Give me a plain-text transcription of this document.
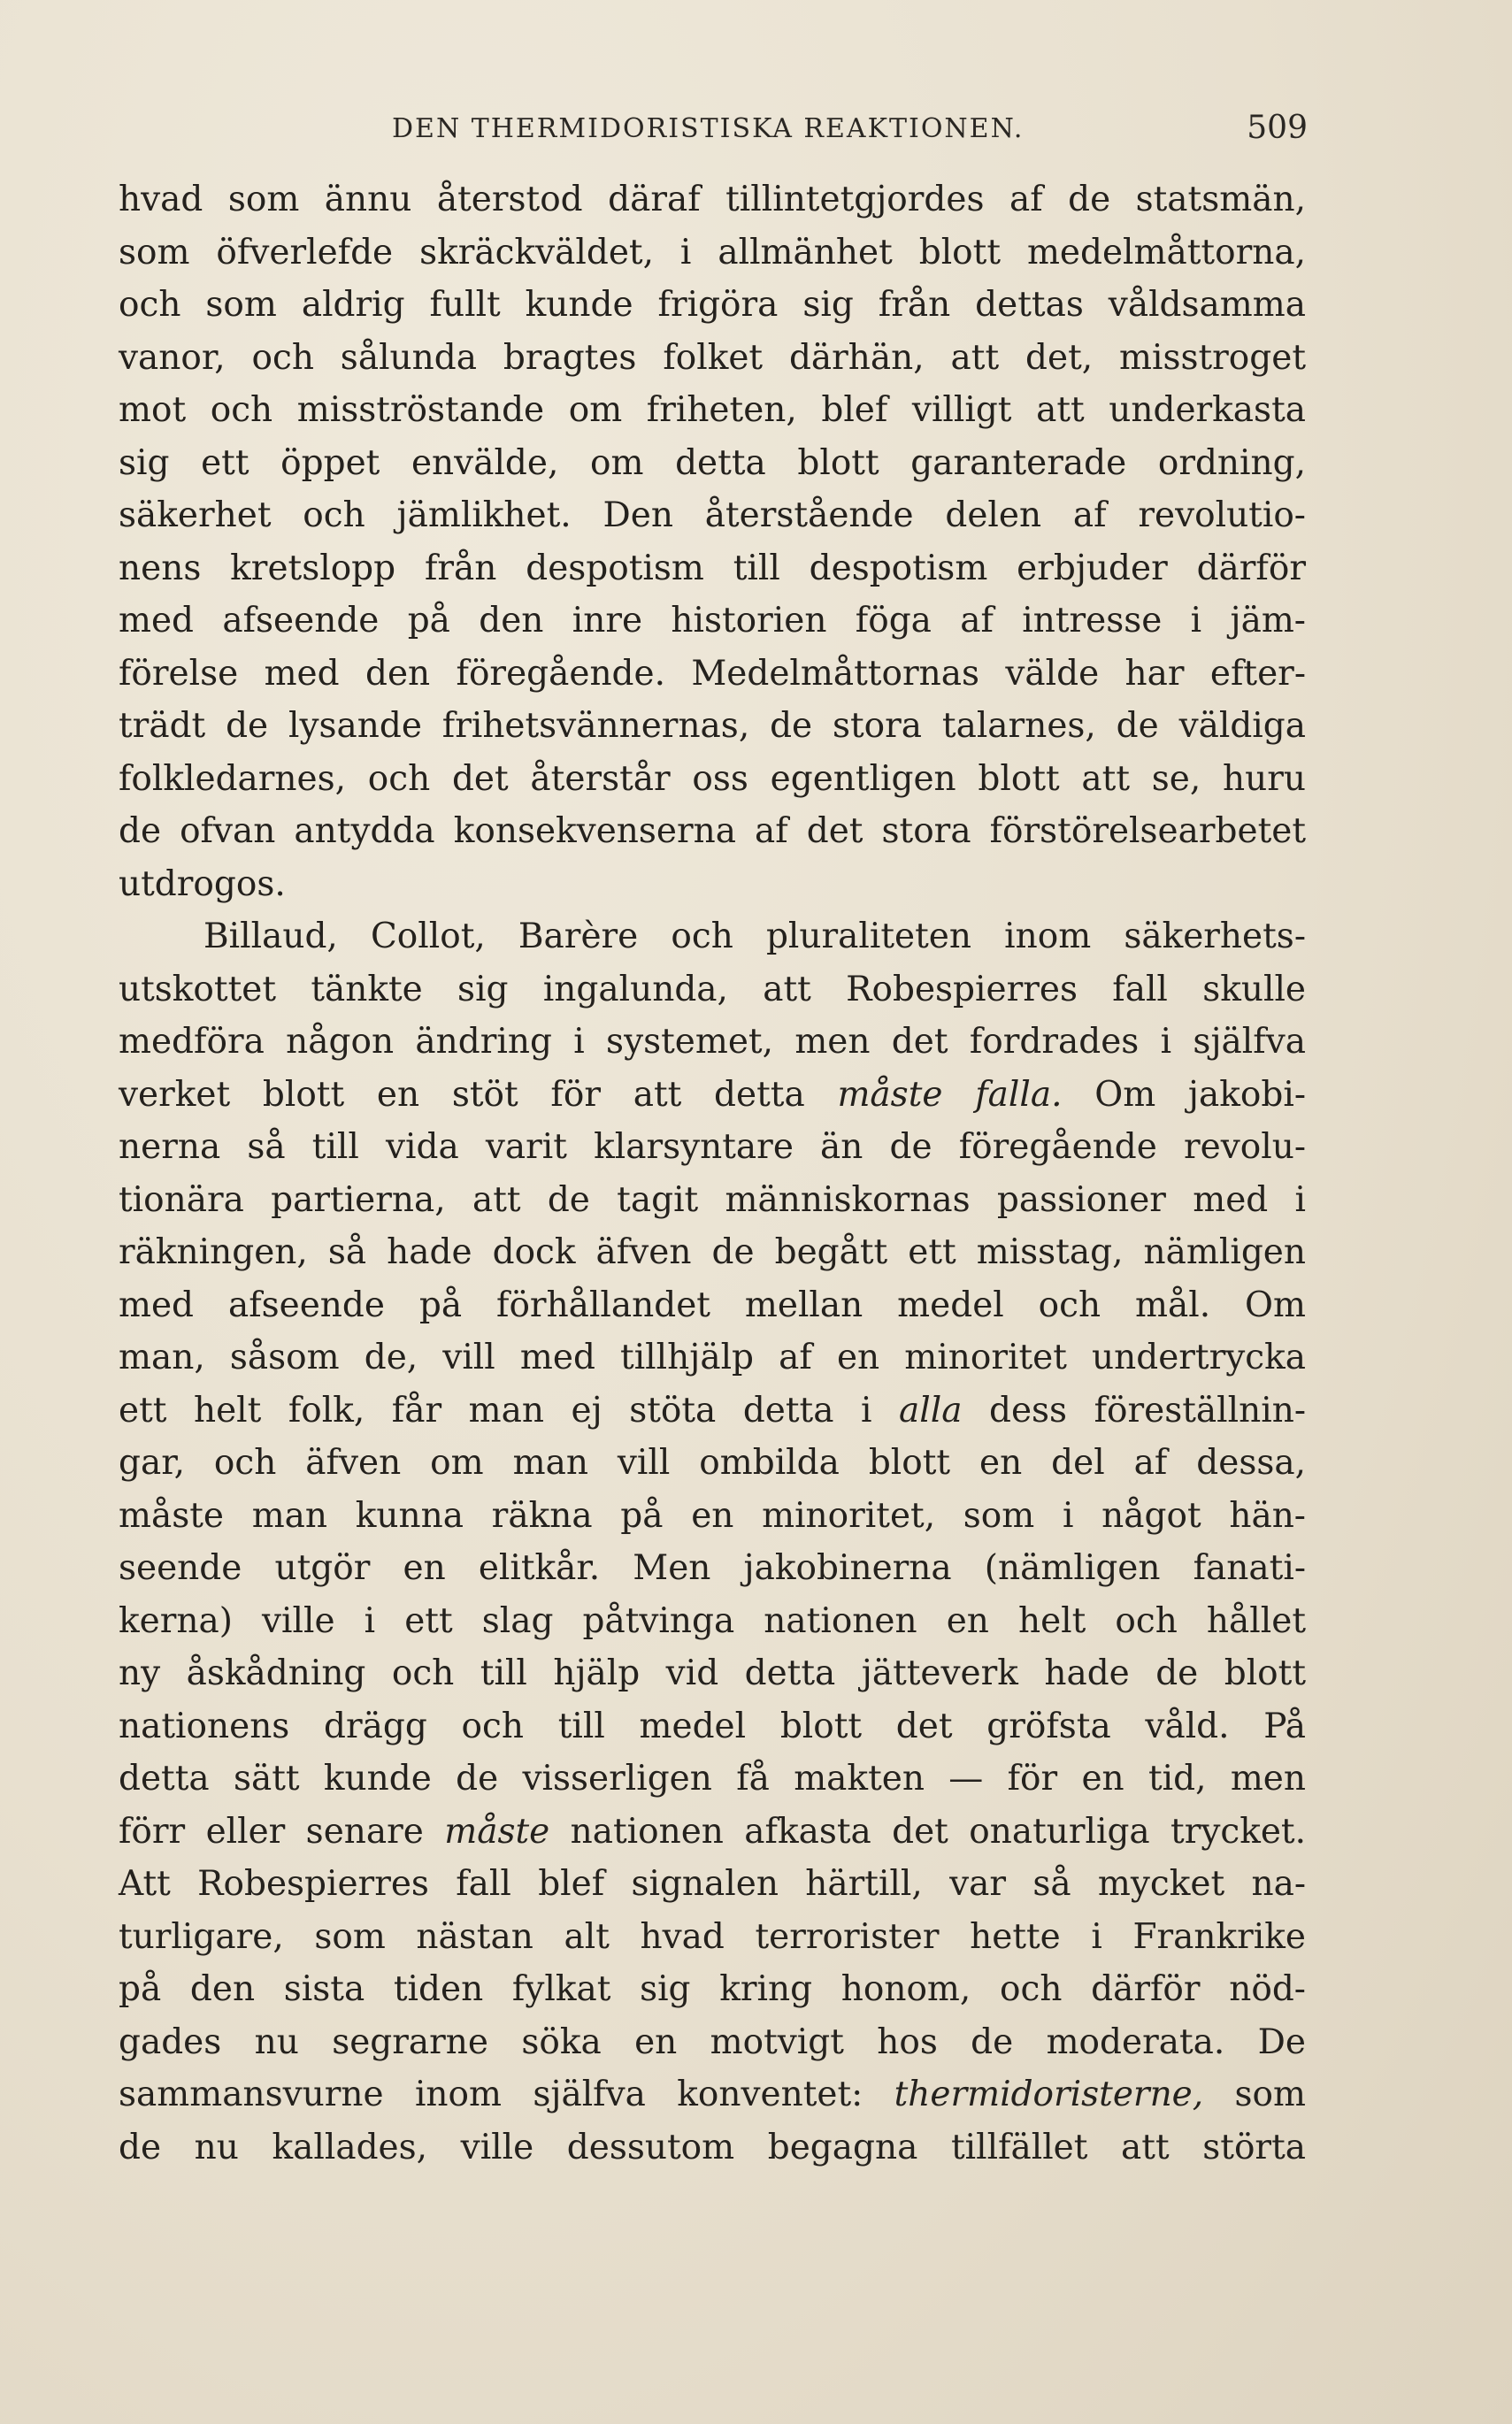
DEN THERMIDORISTISKA REAKTIONEN.	509
hvad som ännu återstod däraf tillintetgjordes af de statsmän,
som öfverlefde skräckväldet, i allmänhet blott medelmåttorna,
och som aldrig fullt kunde frigöra sig från dettas våldsamma
vanor, och sålunda bragtes folket därhän, att det, misstroget
mot och misströstande om friheten, blef villigt att underkasta
sig ett öppet envälde, om detta blott garanterade ordning,
säkerhet och jämlikhet. Den återstående delen af revolutio-
nens kretslopp från despotism till despotism erbjuder därför
med afseende på den inre historien föga af intresse i jäm-
förelse med den föregående. Medelmåttornas välde har efter-
trädt de lysande frihetsvännernas, de stora talarnes, de väldiga
folkledarnes, och det återstår oss egentligen blott att se, huru
de ofvan antydda konsekvenserna af det stora förstörelsearbetet
utdrogos.
Billaud, Collot, Barère och pluraliteten inom säkerhets-
utskottet tänkte sig ingalunda, att Robespierres fall skulle
medföra någon ändring i systemet, men det fordrades i själfva
verket blott en stöt för att detta måste falla. Om jakobi-
nerna så till vida varit klarsyntare än de föregående revolu-
tionära partierna, att de tagit människornas passioner med i
räkningen, så hade dock äfven de begått ett misstag, nämligen
med afseende på förhållandet mellan medel och mål. Om
man, såsom de, vill med tillhjälp af en minoritet undertrycka
ett helt folk, får man ej stöta detta i alla dess föreställnin-
gar, och äfven om man vill ombilda blott en del af dessa,
måste man kunna räkna på en minoritet, som i något hän-
seende utgör en elitkår. Men jakobinerna (nämligen fanati-
kerna) ville i ett slag påtvinga nationen en helt och hållet
ny åskådning och till hjälp vid detta jätteverk hade de blott
nationens drägg och till medel blott det gröfsta våld. På
detta sätt kunde de visserligen få makten — för en tid, men
förr eller senare måste nationen afkasta det onaturliga trycket.
Att Robespierres fall blef signalen härtill, var så mycket na-
turligare, som nästan alt hvad terrorister hette i Frankrike
på den sista tiden fylkat sig kring honom, och därför nöd-
gades nu segrarne söka en motvigt hos de moderata. De
sammansvurne inom själfva konventet: thermidoristerne, som
de nu kallades, ville dessutom begagna tillfället att störta
